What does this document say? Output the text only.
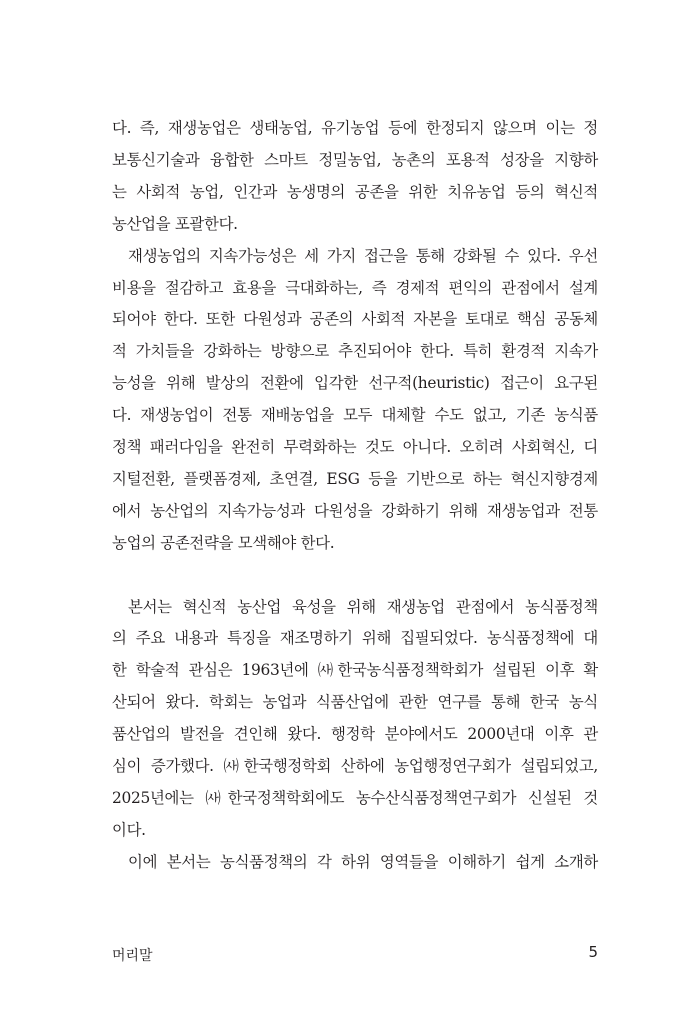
다. 즉, 재생농업은 생태농업, 유기농업 등에 한정되지 않으며 이는 정
보통신기술과 융합한 스마트 정밀농업, 농촌의 포용적 성장을 지향하
는 사회적 농업, 인간과 농생명의 공존을 위한 치유농업 등의 혁신적
농산업을 포괄한다.

재생농업의 지속가능성은 세 가지 접근을 통해 강화될 수 있다. 우선
비용을 절감하고 효용을 극대화하는, 즉 경제적 편익의 관점에서 설계
되어야 한다. 또한 다원성과 공존의 사회적 자본을 토대로 핵심 공동체
적 가치들을 강화하는 방향으로 추진되어야 한다. 특히 환경적 지속가
능성을 위해 발상의 전환에 입각한 선구적(heuristic) 접근이 요구된
다. 재생농업이 전통 재배농업을 모두 대체할 수도 없고, 기존 농식품
정책 패러다임을 완전히 무력화하는 것도 아니다. 오히려 사회혁신, 디
지털전환, 플랫폼경제, 초연결, ESG 등을 기반으로 하는 혁신지향경제
에서 농산업의 지속가능성과 다원성을 강화하기 위해 재생농업과 전통
농업의 공존전략을 모색해야 한다.

본서는 혁신적 농산업 육성을 위해 재생농업 관점에서 농식품정책
의 주요 내용과 특징을 재조명하기 위해 집필되었다. 농식품정책에 대
한 학술적 관심은 1963년에 ㈔한국농식품정책학회가 설립된 이후 확
산되어 왔다. 학회는 농업과 식품산업에 관한 연구를 통해 한국 농식
품산업의 발전을 견인해 왔다. 행정학 분야에서도 2000년대 이후 관
심이 증가했다. ㈔한국행정학회 산하에 농업행정연구회가 설립되었고,
2025년에는 ㈔한국정책학회에도 농수산식품정책연구회가 신설된 것
이다.

이에 본서는 농식품정책의 각 하위 영역들을 이해하기 쉽게 소개하

머리말	5
